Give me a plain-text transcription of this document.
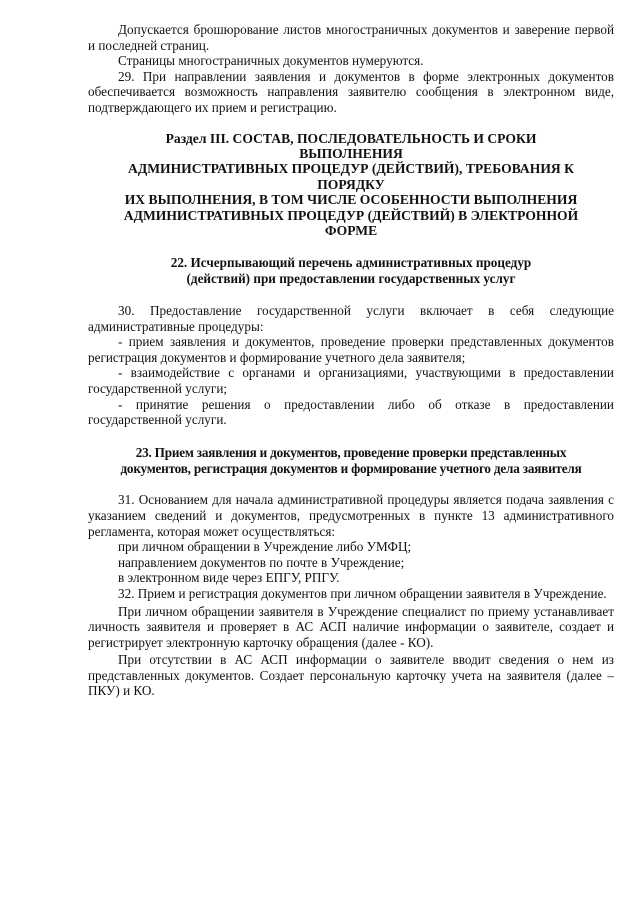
Допускается брошюрование листов многостраничных документов и заверение первой и последней страниц.

Страницы многостраничных документов нумеруются.

29. При направлении заявления и документов в форме электронных документов обеспечивается возможность направления заявителю сообщения в электронном виде, подтверждающего их прием и регистрацию.

Раздел III. СОСТАВ, ПОСЛЕДОВАТЕЛЬНОСТЬ И СРОКИ
ВЫПОЛНЕНИЯ
АДМИНИСТРАТИВНЫХ ПРОЦЕДУР (ДЕЙСТВИЙ), ТРЕБОВАНИЯ К
ПОРЯДКУ
ИХ ВЫПОЛНЕНИЯ, В ТОМ ЧИСЛЕ ОСОБЕННОСТИ ВЫПОЛНЕНИЯ
АДМИНИСТРАТИВНЫХ ПРОЦЕДУР (ДЕЙСТВИЙ) В ЭЛЕКТРОННОЙ
ФОРМЕ
22. Исчерпывающий перечень административных процедур
(действий) при предоставлении государственных услуг

30. Предоставление государственной услуги включает в себя следующие административные процедуры:

- прием заявления и документов, проведение проверки представленных документов регистрация документов и формирование учетного дела заявителя;

- взаимодействие с органами и организациями, участвующими в предоставлении государственной услуги;

- принятие решения о предоставлении либо об отказе в предоставлении государственной услуги.

23. Прием заявления и документов, проведение проверки представленных
документов, регистрация документов и формирование учетного дела заявителя

31. Основанием для начала административной процедуры является подача заявления с указанием сведений и документов, предусмотренных в пункте 13 административного регламента, которая может осуществляться:

при личном обращении в Учреждение либо УМФЦ;

направлением документов по почте в Учреждение;

в электронном виде через ЕПГУ, РПГУ.

32. Прием и регистрация документов при личном обращении заявителя в Учреждение.

При личном обращении заявителя в Учреждение специалист по приему устанавливает личность заявителя и проверяет в АС АСП наличие информации о заявителе, создает и регистрирует электронную карточку обращения (далее - КО).

При отсутствии в АС АСП информации о заявителе вводит сведения о нем из представленных документов. Создает персональную карточку учета на заявителя (далее – ПКУ) и КО.
